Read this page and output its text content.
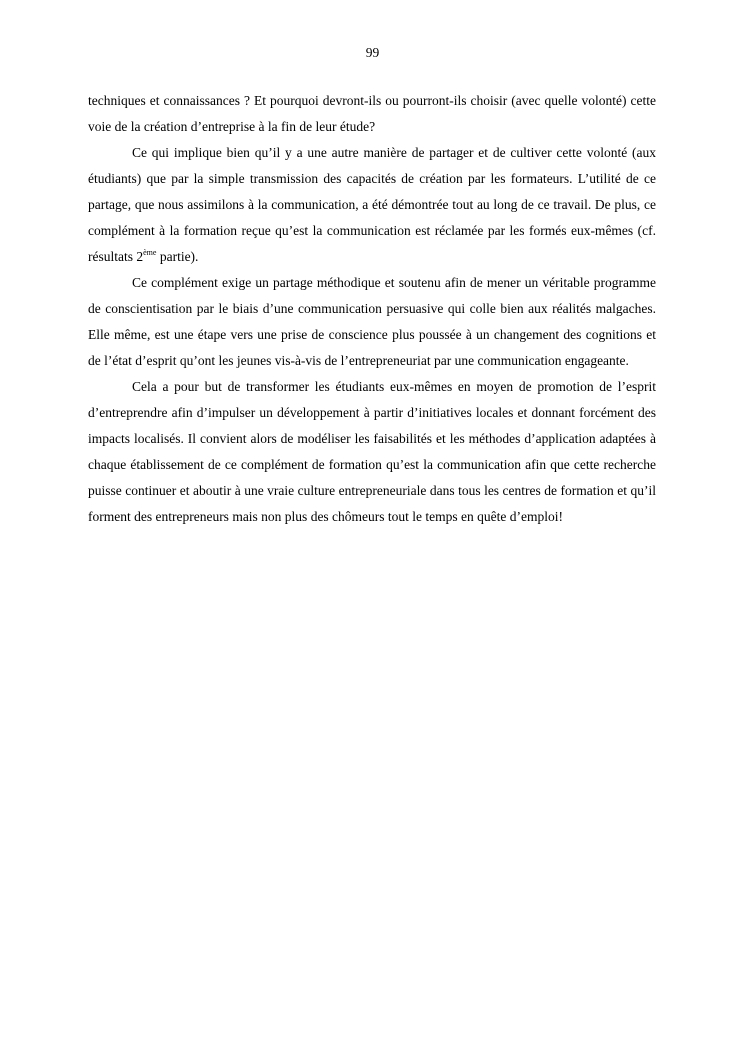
99

techniques et connaissances ? Et pourquoi devront-ils ou pourront-ils choisir (avec quelle volonté) cette voie de la création d’entreprise à la fin de leur étude?

Ce qui implique bien qu’il y a une autre manière de partager et de cultiver cette volonté (aux étudiants) que par la simple transmission des capacités de création par les formateurs. L’utilité de ce partage, que nous assimilons à la communication, a été démontrée tout au long de ce travail. De plus, ce complément à la formation reçue qu’est la communication est réclamée par les formés eux-mêmes (cf. résultats 2ème partie).

Ce complément exige un partage méthodique et soutenu afin de mener un véritable programme de conscientisation par le biais d’une communication persuasive qui colle bien aux réalités malgaches. Elle même, est une étape vers une prise de conscience plus poussée à un changement des cognitions et de l’état d’esprit qu’ont les jeunes vis-à-vis de l’entrepreneuriat par une communication engageante.

Cela a pour but de transformer les étudiants eux-mêmes en moyen de promotion de l’esprit d’entreprendre afin d’impulser un développement à partir d’initiatives locales et donnant forcément des impacts localisés. Il convient alors de modéliser les faisabilités et les méthodes d’application adaptées à chaque établissement de ce complément de formation qu’est la communication afin que cette recherche puisse continuer et aboutir à une vraie culture entrepreneuriale dans tous les centres de formation et qu’il forment des entrepreneurs mais non plus des chômeurs tout le temps en quête d’emploi!
